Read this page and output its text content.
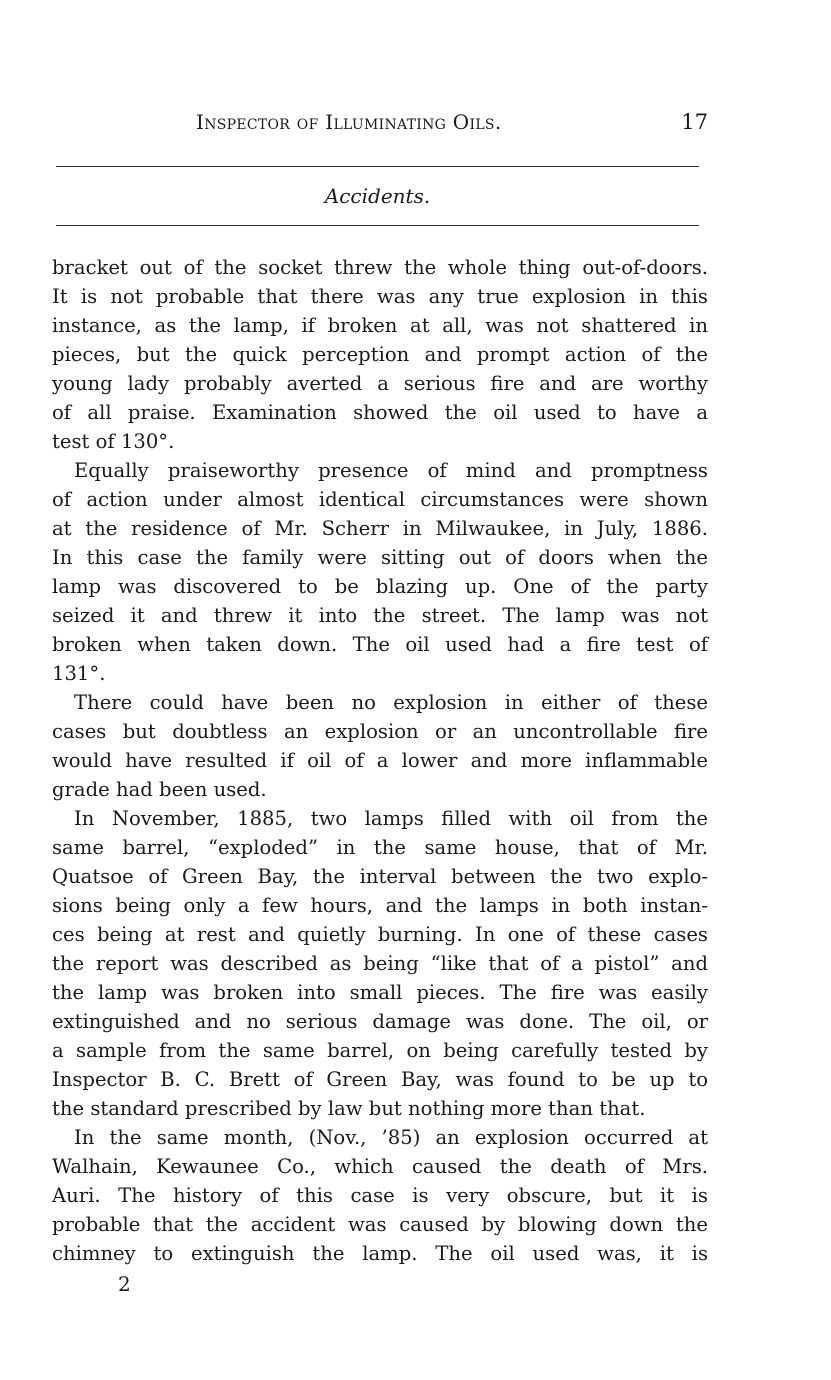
Inspector of Illuminating Oils.	17
Accidents.

bracket out of the socket threw the whole thing out-of-doors.
It is not probable that there was any true explosion in this
instance, as the lamp, if broken at all, was not shattered in
pieces, but the quick perception and prompt action of the
young lady probably averted a serious fire and are worthy
of all praise. Examination showed the oil used to have a
test of 130°.

Equally praiseworthy presence of mind and promptness
of action under almost identical circumstances were shown
at the residence of Mr. Scherr in Milwaukee, in July, 1886.
In this case the family were sitting out of doors when the
lamp was discovered to be blazing up. One of the party
seized it and threw it into the street. The lamp was not
broken when taken down. The oil used had a fire test of
131°.

There could have been no explosion in either of these
cases but doubtless an explosion or an uncontrollable fire
would have resulted if oil of a lower and more inflammable
grade had been used.

In November, 1885, two lamps filled with oil from the
same barrel, “exploded” in the same house, that of Mr.
Quatsoe of Green Bay, the interval between the two explo-
sions being only a few hours, and the lamps in both instan-
ces being at rest and quietly burning. In one of these cases
the report was described as being “like that of a pistol” and
the lamp was broken into small pieces. The fire was easily
extinguished and no serious damage was done. The oil, or
a sample from the same barrel, on being carefully tested by
Inspector B. C. Brett of Green Bay, was found to be up to
the standard prescribed by law but nothing more than that.

In the same month, (Nov., ’85) an explosion occurred at
Walhain, Kewaunee Co., which caused the death of Mrs.
Auri. The history of this case is very obscure, but it is
probable that the accident was caused by blowing down the
chimney to extinguish the lamp. The oil used was, it is

2
